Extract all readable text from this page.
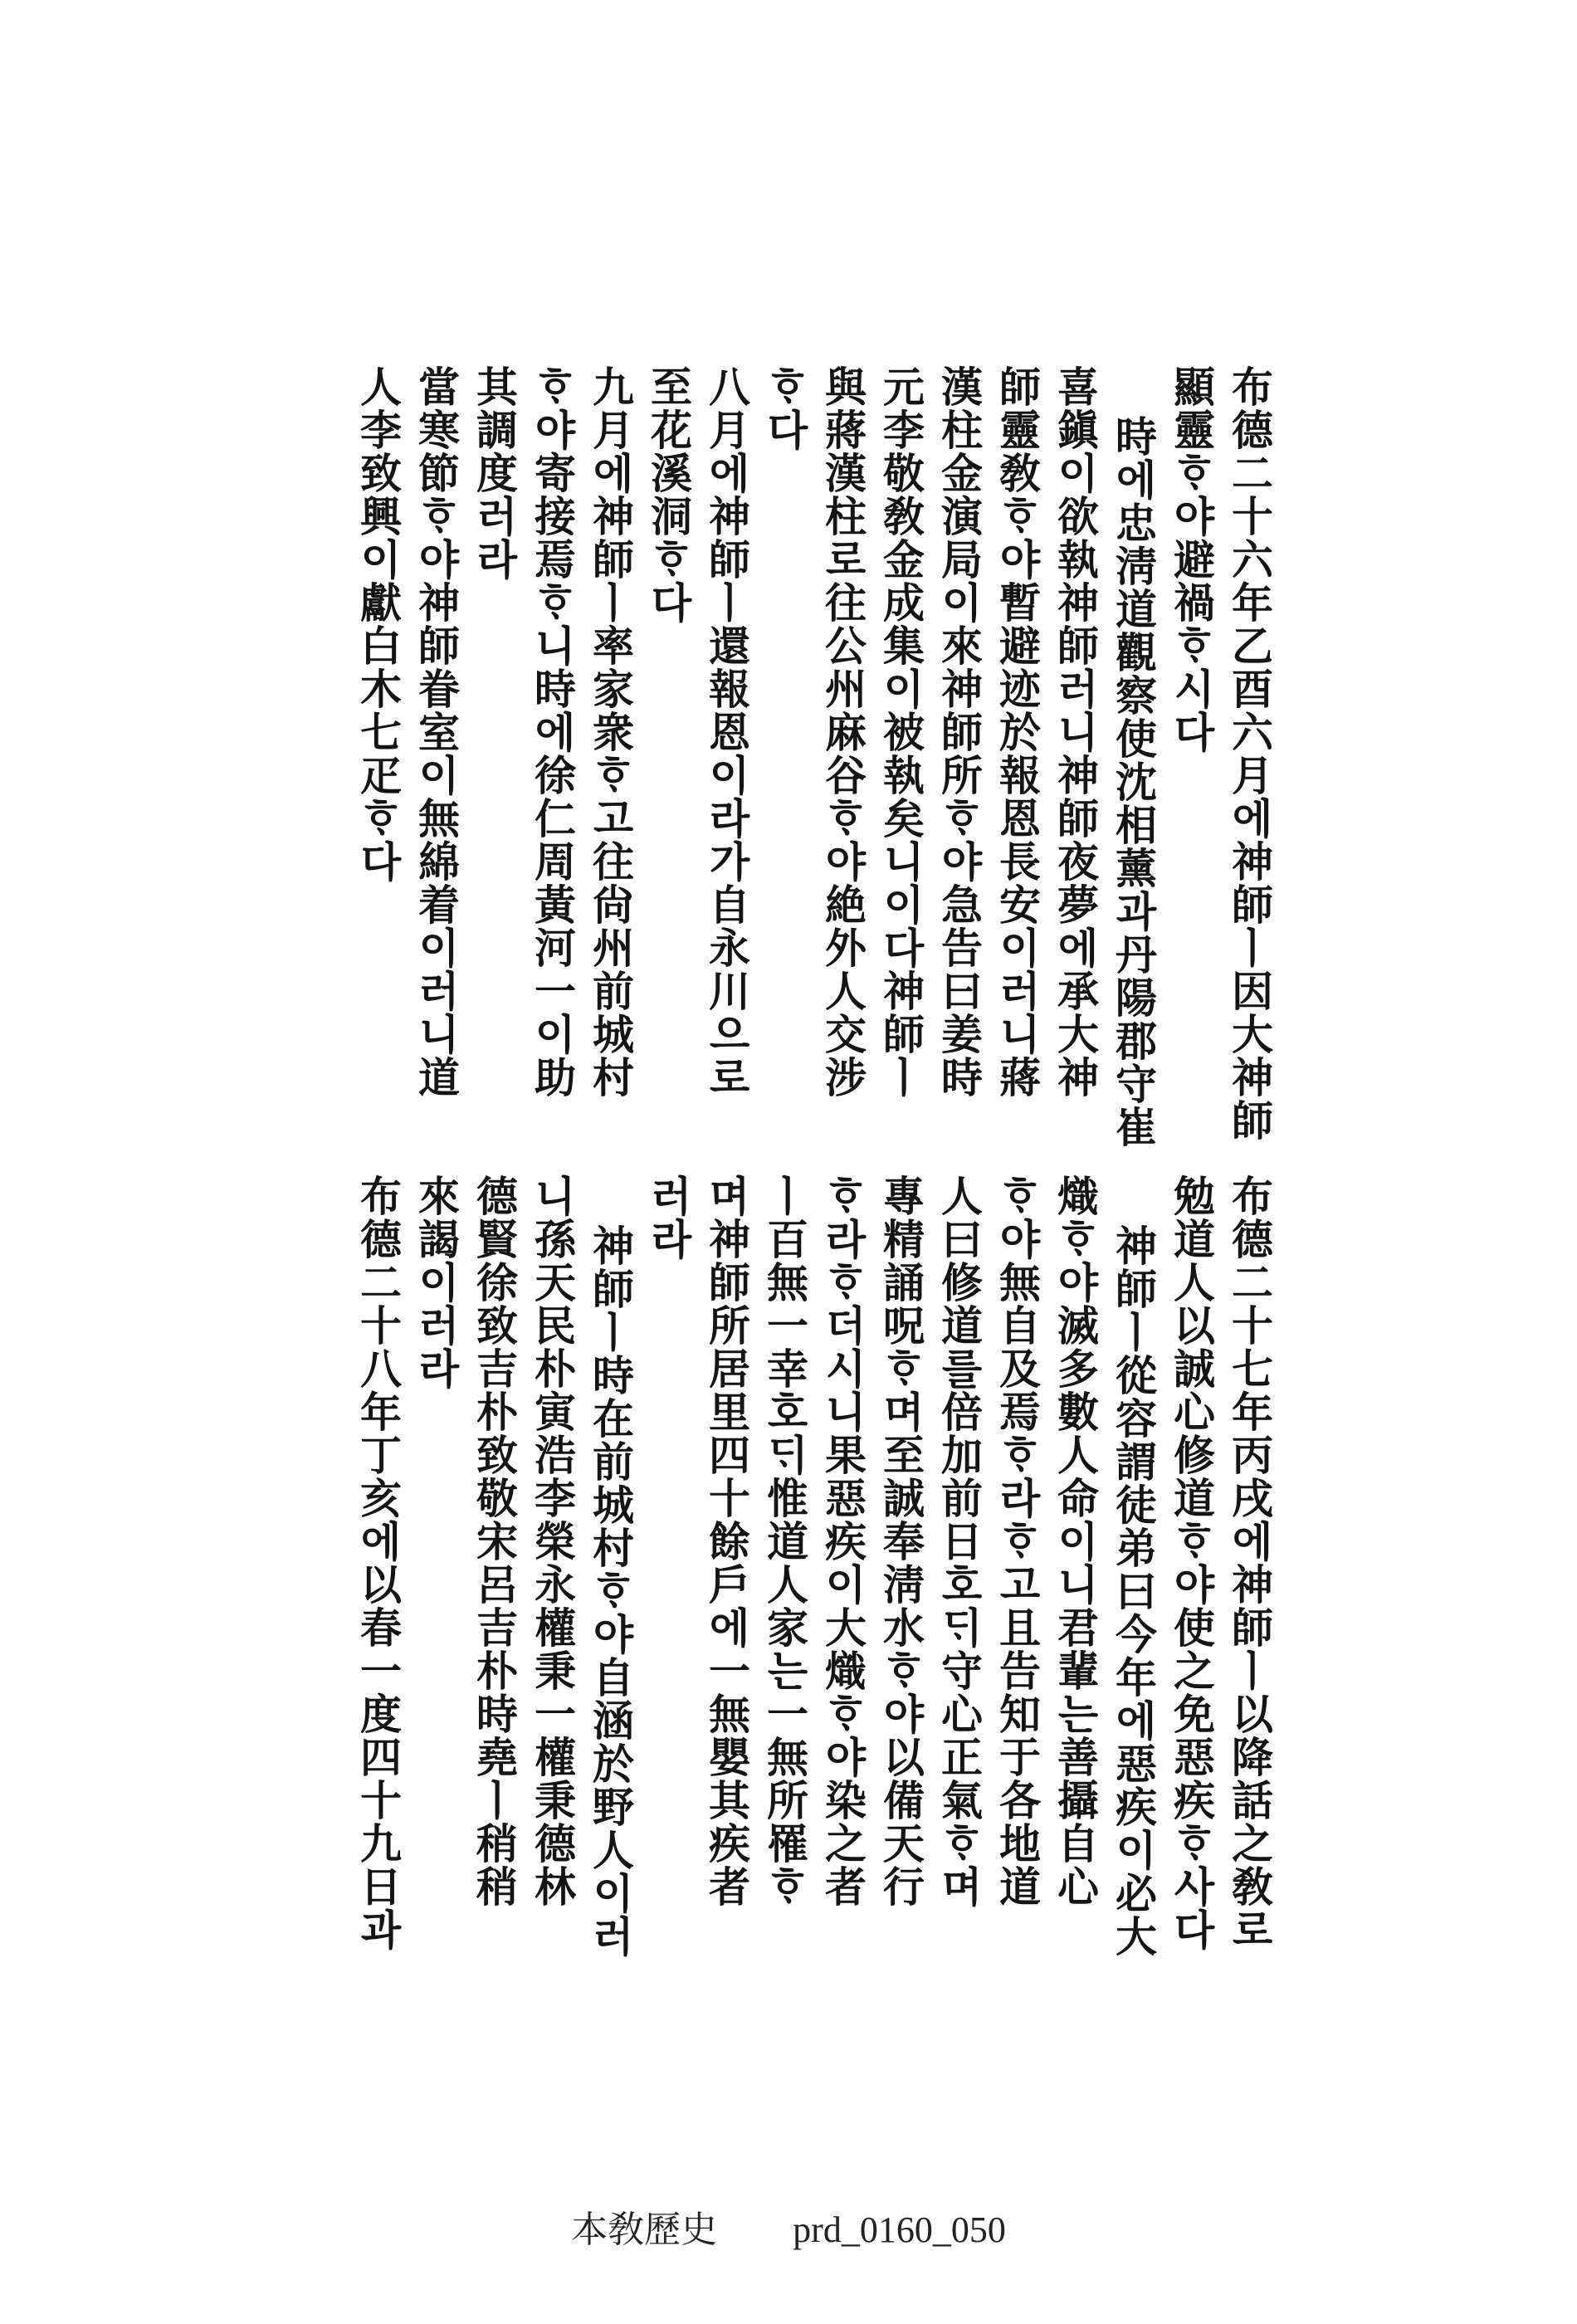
布德二十六年乙酉六月에神師ㅣ因大神師
顯靈ᄒᆞ야避禍ᄒᆞ시다
時에忠淸道觀察使沈相薰과丹陽郡守崔
喜鎭이欲執神師러니神師夜夢에承大神
師靈敎ᄒᆞ야暫避迹於報恩長安이러니蔣
漢柱金演局이來神師所ᄒᆞ야急告曰姜時
元李敬敎金成集이被執矣니이다神師ㅣ
與蔣漢柱로往公州麻谷ᄒᆞ야絶外人交涉
ᄒᆞ다
八月에神師ㅣ還報恩이라가自永川으로
至花溪洞ᄒᆞ다
九月에神師ㅣ率家衆ᄒᆞ고往尙州前城村
ᄒᆞ야寄接焉ᄒᆞ니時에徐仁周黃河一이助
其調度러라
當寒節ᄒᆞ야神師眷室이無綿着이러니道
人李致興이獻白木七疋ᄒᆞ다
布德二十七年丙戌에神師ㅣ以降話之敎로
勉道人以誠心修道ᄒᆞ야使之免惡疾ᄒᆞ사다
神師ㅣ從容謂徒弟曰今年에惡疾이必大
熾ᄒᆞ야滅多數人命이니君輩는善攝自心
ᄒᆞ야無自及焉ᄒᆞ라ᄒᆞ고且告知于各地道
人曰修道를倍加前日호ᄃᆡ守心正氣ᄒᆞ며
專精誦呪ᄒᆞ며至誠奉淸水ᄒᆞ야以備天行
ᄒᆞ라ᄒᆞ더시니果惡疾이大熾ᄒᆞ야染之者
ㅣ百無一幸호ᄃᆡ惟道人家는一無所罹ᄒᆞ
며神師所居里四十餘戶에一無嬰其疾者
러라
神師ㅣ時在前城村ᄒᆞ야自涵於野人이러
니孫天民朴寅浩李榮永權秉一權秉德林
德賢徐致吉朴致敬宋呂吉朴時堯ㅣ稍稍
來謁이러라
布德二十八年丁亥에以春一度四十九日과
本敎歷史 prd_0160_050
